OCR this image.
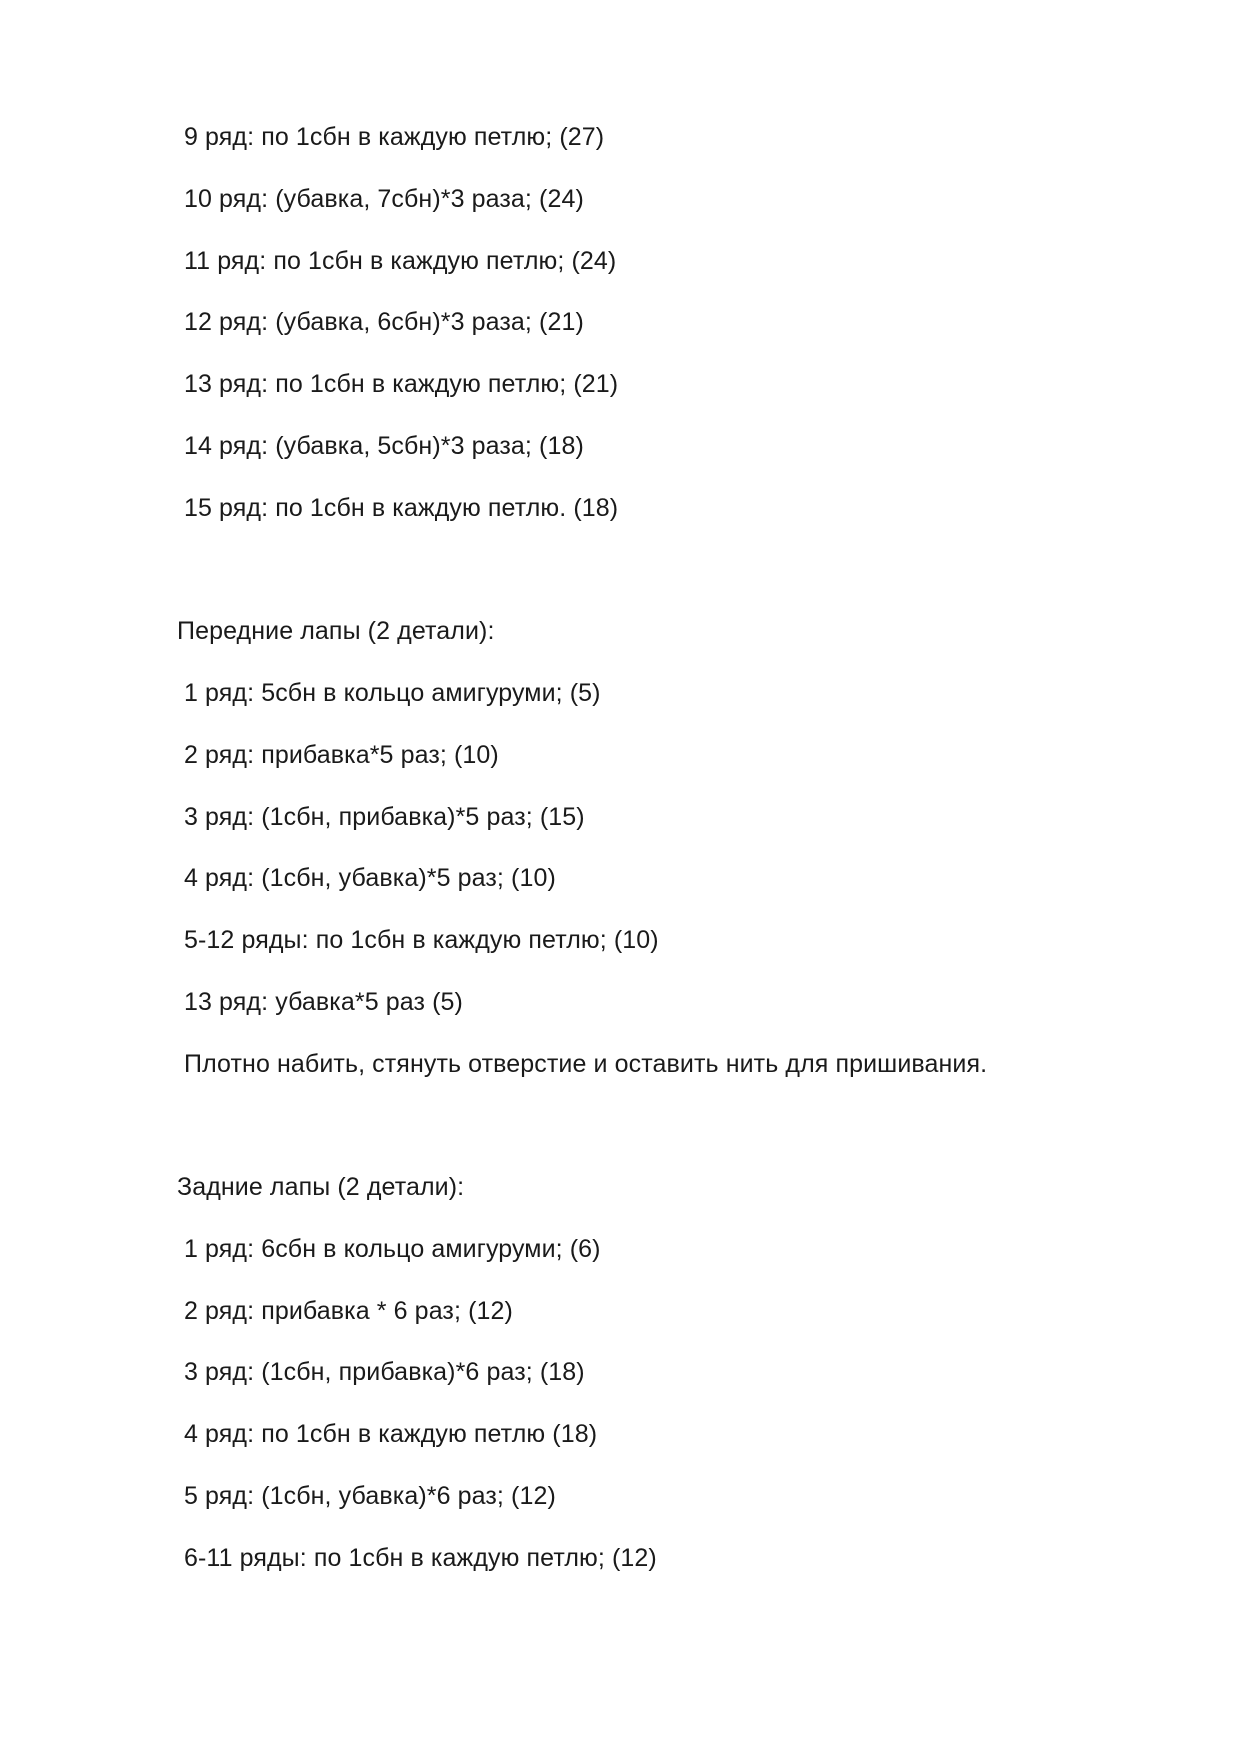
9 ряд: по 1сбн в каждую петлю; (27)
10 ряд: (убавка, 7сбн)*3 раза; (24)
11 ряд: по 1сбн в каждую петлю; (24)
12 ряд: (убавка, 6сбн)*3 раза; (21)
13 ряд: по 1сбн в каждую петлю; (21)
14 ряд: (убавка, 5сбн)*3 раза; (18)
15 ряд: по 1сбн в каждую петлю. (18)
Передние лапы (2 детали):
1 ряд: 5сбн в кольцо амигуруми; (5)
2 ряд: прибавка*5 раз; (10)
3 ряд: (1сбн, прибавка)*5 раз; (15)
4 ряд: (1сбн, убавка)*5 раз; (10)
5-12 ряды: по 1сбн в каждую петлю; (10)
13 ряд: убавка*5 раз (5)
Плотно набить, стянуть отверстие и оставить нить для пришивания.
Задние лапы (2 детали):
1 ряд: 6сбн в кольцо амигуруми; (6)
2 ряд: прибавка * 6 раз; (12)
3 ряд: (1сбн, прибавка)*6 раз; (18)
4 ряд: по 1сбн в каждую петлю (18)
5 ряд: (1сбн, убавка)*6 раз; (12)
6-11 ряды: по 1сбн в каждую петлю; (12)
